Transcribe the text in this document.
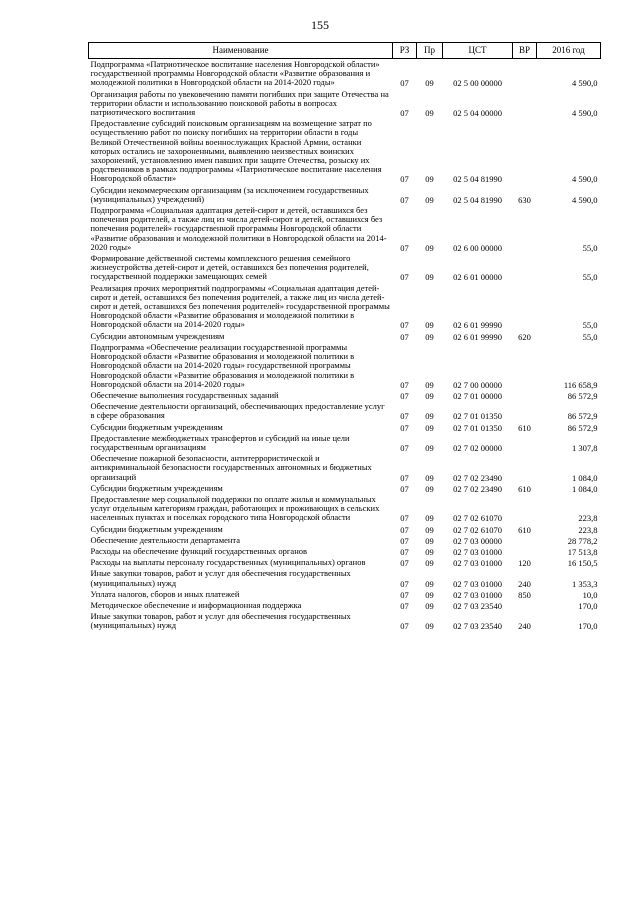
155
Наименование	РЗ	Пр	ЦСТ	ВР	2016 год
Подпрограмма «Патриотическое воспитание населения Новгородской области» государственной программы Новгородской области «Развитие образования и молодежной политики в Новгородской области на 2014-2020 годы»	07	09	02 5 00 00000		4 590,0
Организация работы по увековечению памяти погибших при защите Отечества на территории области и использованию поисковой работы в вопросах патриотического воспитания	07	09	02 5 04 00000		4 590,0
Предоставление субсидий поисковым организациям на возмещение затрат по осуществлению работ по поиску погибших на территории области в годы Великой Отечественной войны военнослужащих Красной Армии, останки которых остались не захороненными, выявлению неизвестных воинских захоронений, установлению имен павших при защите Отечества, розыску их родственников в рамках подпрограммы «Патриотическое воспитание населения Новгородской области»	07	09	02 5 04 81990		4 590,0
Субсидии некоммерческим организациям (за исключением государственных (муниципальных) учреждений)	07	09	02 5 04 81990	630	4 590,0
Подпрограмма «Социальная адаптация детей-сирот и детей, оставшихся без попечения родителей, а также лиц из числа детей-сирот и детей, оставшихся без попечения родителей» государственной программы Новгородской области «Развитие образования и молодежной политики в Новгородской области на 2014-2020 годы»	07	09	02 6 00 00000		55,0
Формирование действенной системы комплексного решения семейного жизнеустройства детей-сирот и детей, оставшихся без попечения родителей, государственной поддержки замещающих семей	07	09	02 6 01 00000		55,0
Реализация прочих мероприятий подпрограммы «Социальная адаптация детей-сирот и детей, оставшихся без попечения родителей, а также лиц из числа детей-сирот и детей, оставшихся без попечения родителей» государственной программы Новгородской области «Развитие образования и молодежной политики в Новгородской области на 2014-2020 годы»	07	09	02 6 01 99990		55,0
Субсидии автономным учреждениям	07	09	02 6 01 99990	620	55,0
Подпрограмма «Обеспечение реализации государственной программы Новгородской области «Развитие образования и молодежной политики в Новгородской области на 2014-2020 годы» государственной программы Новгородской области «Развитие образования и молодежной политики в Новгородской области на 2014-2020 годы»	07	09	02 7 00 00000		116 658,9
Обеспечение выполнения государственных заданий	07	09	02 7 01 00000		86 572,9
Обеспечение деятельности организаций, обеспечивающих предоставление услуг в сфере образования	07	09	02 7 01 01350		86 572,9
Субсидии бюджетным учреждениям	07	09	02 7 01 01350	610	86 572,9
Предоставление межбюджетных трансфертов и субсидий на иные цели государственным организациям	07	09	02 7 02 00000		1 307,8
Обеспечение пожарной безопасности, антитеррористической и антикриминальной безопасности государственных автономных и бюджетных организаций	07	09	02 7 02 23490		1 084,0
Субсидии бюджетным учреждениям	07	09	02 7 02 23490	610	1 084,0
Предоставление мер социальной поддержки по оплате жилья и коммунальных услуг отдельным категориям граждан, работающих и проживающих в сельских населенных пунктах и поселках городского типа Новгородской области	07	09	02 7 02 61070		223,8
Субсидии бюджетным учреждениям	07	09	02 7 02 61070	610	223,8
Обеспечение деятельности департамента	07	09	02 7 03 00000		28 778,2
Расходы на обеспечение функций государственных органов	07	09	02 7 03 01000		17 513,8
Расходы на выплаты персоналу государственных (муниципальных) органов	07	09	02 7 03 01000	120	16 150,5
Иные закупки товаров, работ и услуг для обеспечения государственных (муниципальных) нужд	07	09	02 7 03 01000	240	1 353,3
Уплата налогов, сборов и иных платежей	07	09	02 7 03 01000	850	10,0
Методическое обеспечение и информационная поддержка	07	09	02 7 03 23540		170,0
Иные закупки товаров, работ и услуг для обеспечения государственных (муниципальных) нужд	07	09	02 7 03 23540	240	170,0
